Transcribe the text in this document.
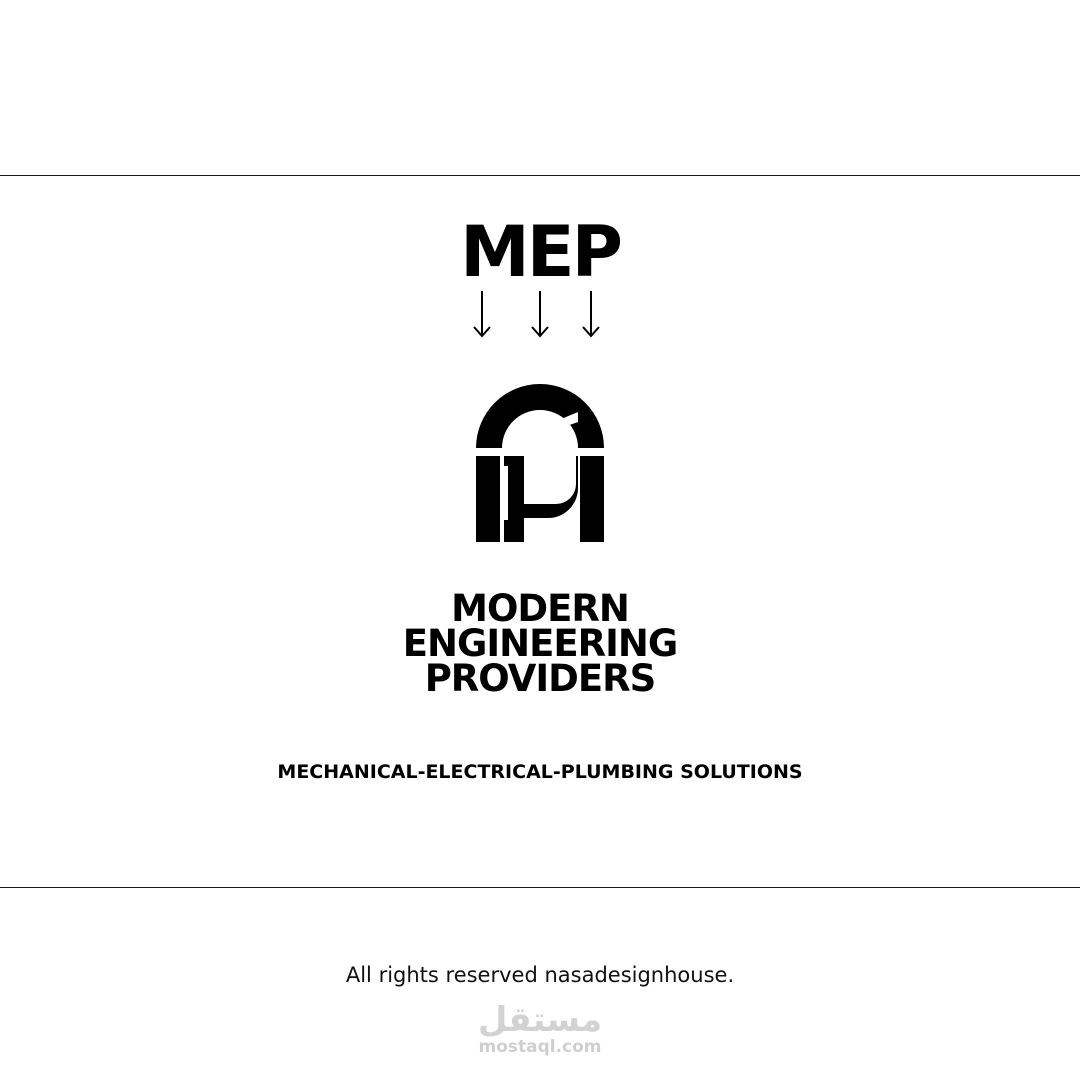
MEP
MODERN
ENGINEERING
PROVIDERS
MECHANICAL-ELECTRICAL-PLUMBING SOLUTIONS
All rights reserved nasadesignhouse.
مستقل
mostaql.com
